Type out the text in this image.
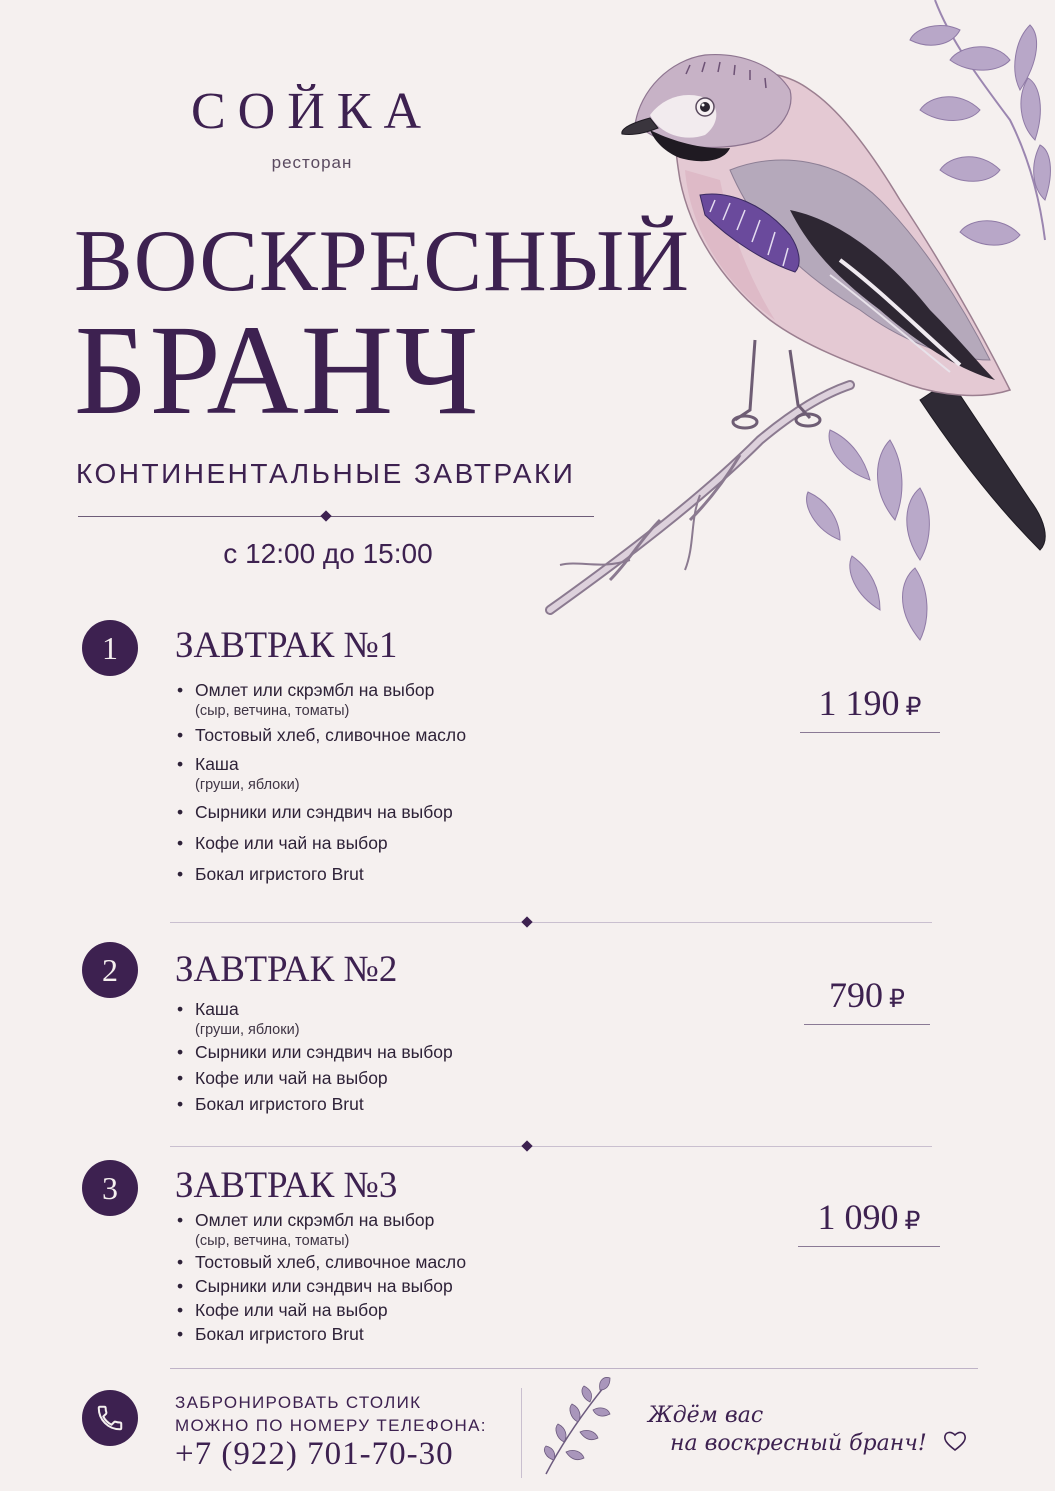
СОЙКА
ресторан
ВОСКРЕСНЫЙ
БРАНЧ
КОНТИНЕНТАЛЬНЫЕ ЗАВТРАКИ
с 12:00 до 15:00
1	ЗАВТРАК №1
• Омлет или скрэмбл на выбор
(сыр, ветчина, томаты)
• Тостовый хлеб, сливочное масло
• Каша
(груши, яблоки)
• Сырники или сэндвич на выбор
• Кофе или чай на выбор
• Бокал игристого Brut
1 190 ₽
2	ЗАВТРАК №2
• Каша
(груши, яблоки)
• Сырники или сэндвич на выбор
• Кофе или чай на выбор
• Бокал игристого Brut
790 ₽
3	ЗАВТРАК №3
• Омлет или скрэмбл на выбор
(сыр, ветчина, томаты)
• Тостовый хлеб, сливочное масло
• Сырники или сэндвич на выбор
• Кофе или чай на выбор
• Бокал игристого Brut
1 090 ₽
ЗАБРОНИРОВАТЬ СТОЛИК
МОЖНО ПО НОМЕРУ ТЕЛЕФОНА:
+7 (922) 701-70-30
Ждём вас
на воскресный бранч!
